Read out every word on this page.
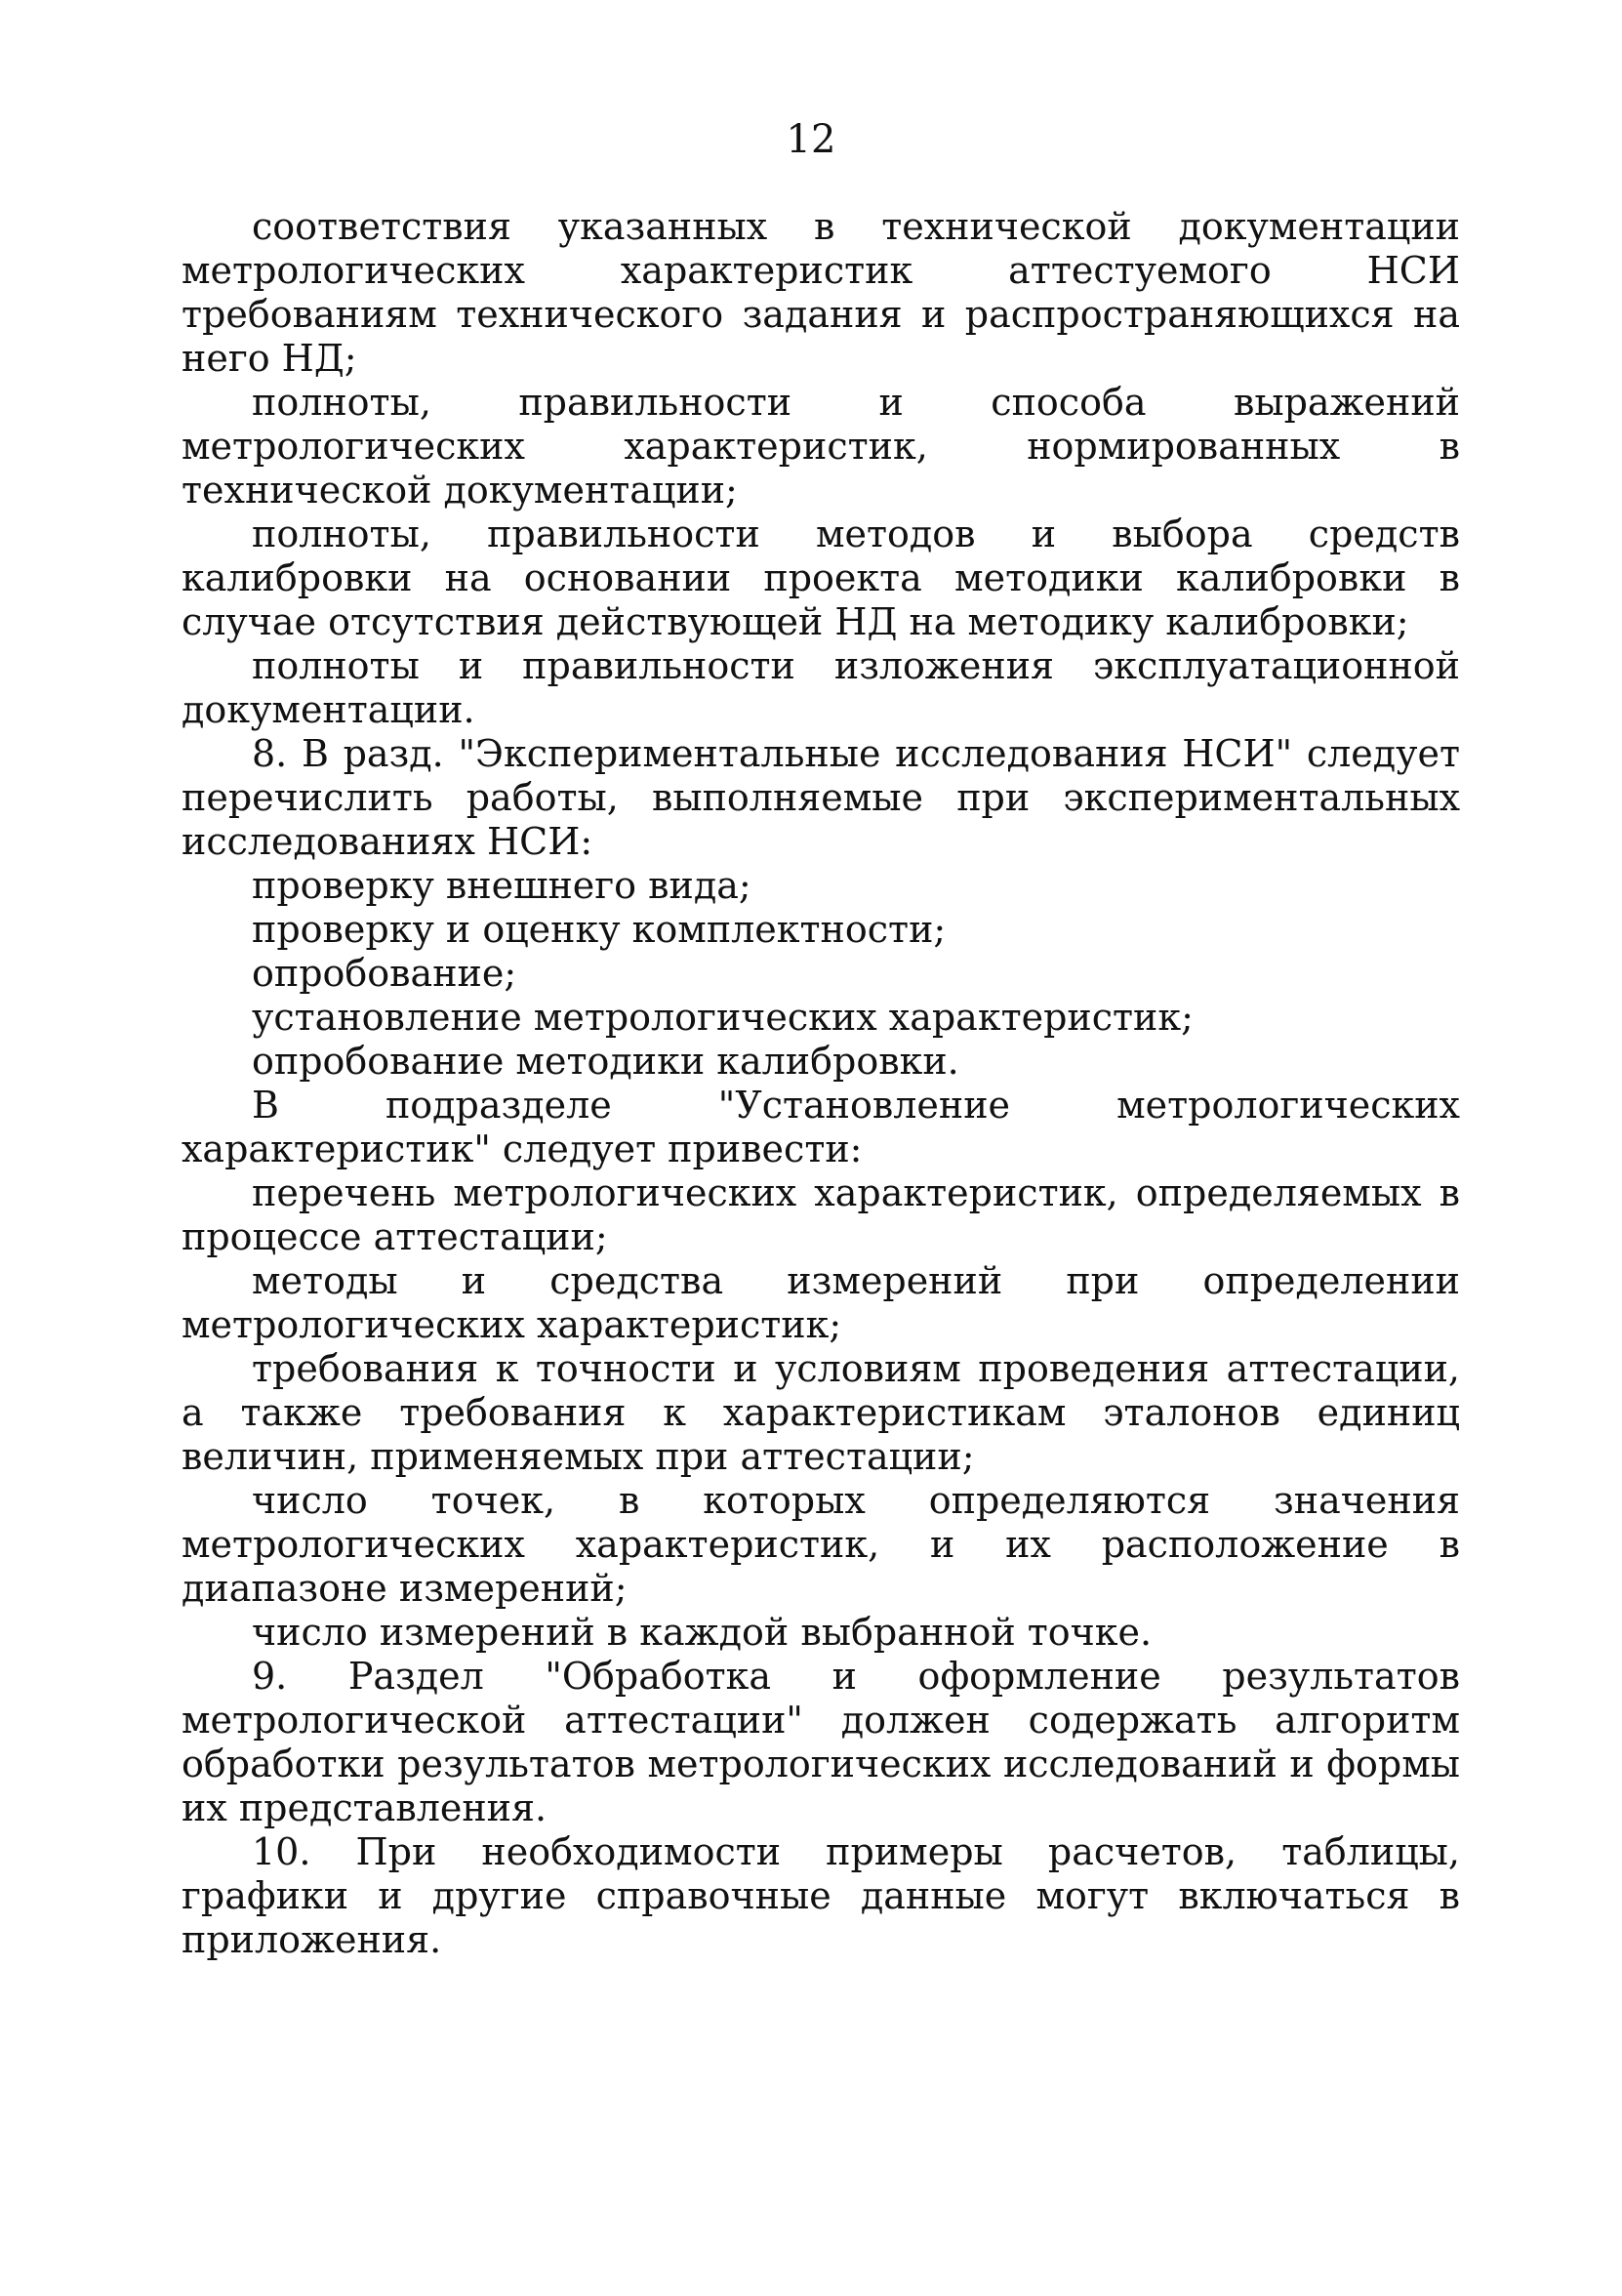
12

соответствия указанных в технической документации метрологических характеристик аттестуемого НСИ требованиям технического задания и распространяющихся на него НД;

полноты, правильности и способа выражений метрологических характеристик, нормированных в технической документации;

полноты, правильности методов и выбора средств калибровки на основании проекта методики калибровки в случае отсутствия действующей НД на методику калибровки;

полноты и правильности изложения эксплуатационной документации.

8. В разд. "Экспериментальные исследования НСИ" следует перечислить работы, выполняемые при экспериментальных исследованиях НСИ:

проверку внешнего вида;

проверку и оценку комплектности;

опробование;

установление метрологических характеристик;

опробование методики калибровки.

В подразделе "Установление метрологических характеристик" следует привести:

перечень метрологических характеристик, определяемых в процессе аттестации;

методы и средства измерений при определении метрологических характеристик;

требования к точности и условиям проведения аттестации, а также требования к характеристикам эталонов единиц величин, применяемых при аттестации;

число точек, в которых определяются значения метрологических характеристик, и их расположение в диапазоне измерений;

число измерений в каждой выбранной точке.

9. Раздел "Обработка и оформление результатов метрологической аттестации" должен содержать алгоритм обработки результатов метрологических исследований и формы их представления.

10. При необходимости примеры расчетов, таблицы, графики и другие справочные данные могут включаться в приложения.
